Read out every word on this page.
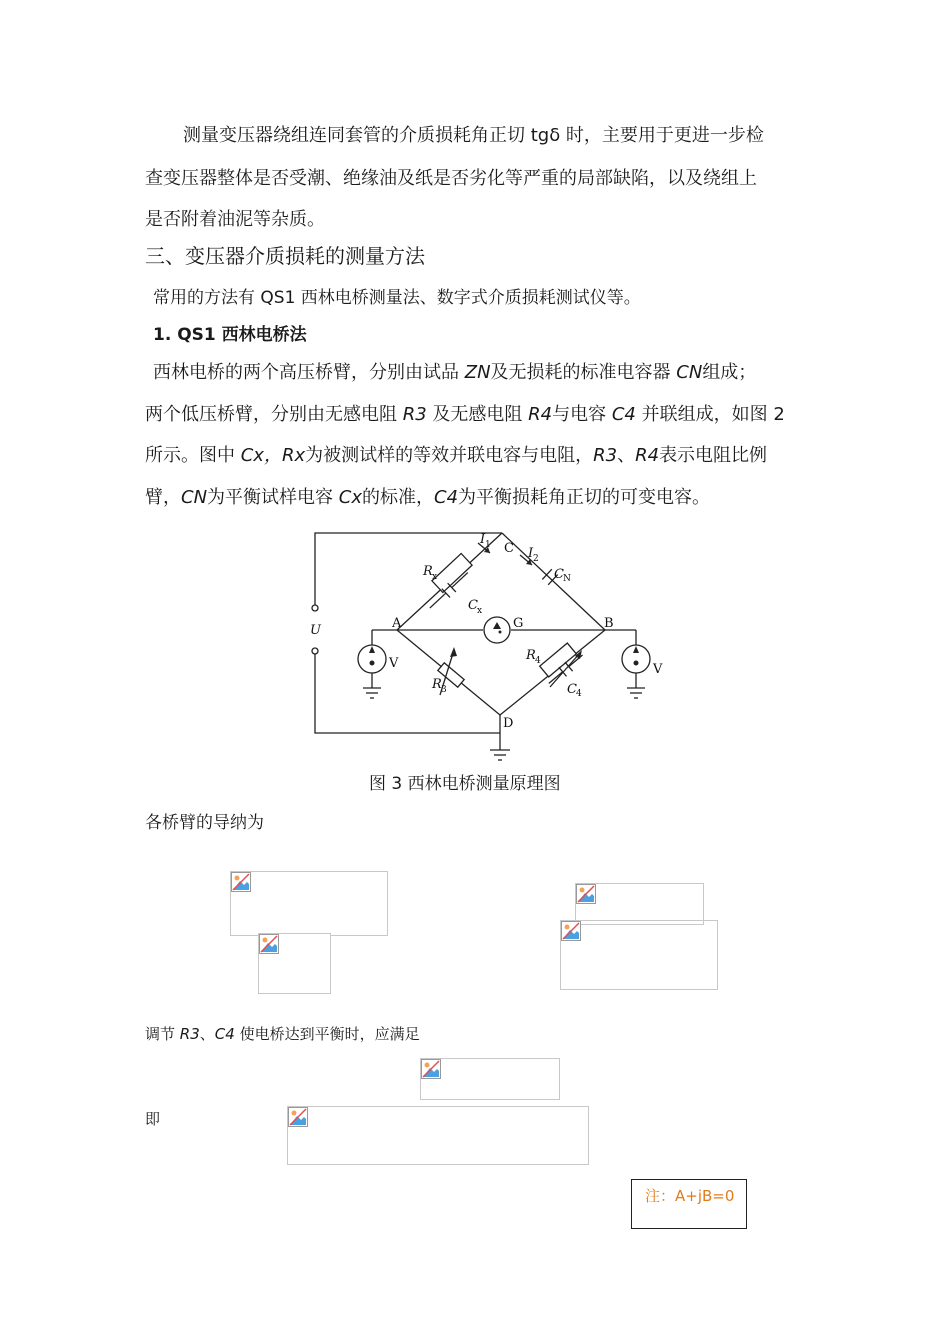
测量变压器绕组连同套管的介质损耗角正切 tgδ 时，主要用于更进一步检
查变压器整体是否受潮、绝缘油及纸是否劣化等严重的局部缺陷，以及绕组上
是否附着油泥等杂质。
三、变压器介质损耗的测量方法
常用的方法有 QS1 西林电桥测量法、数字式介质损耗测试仪等。
1. QS1 西林电桥法
西林电桥的两个高压桥臂，分别由试品 ZN及无损耗的标准电容器 CN组成；
两个低压桥臂，分别由无感电阻 R3 及无感电阻 R4与电容 C4 并联组成，如图 2
所示。图中 Cx，Rx为被测试样的等效并联电容与电阻，R3、R4表示电阻比例
臂，CN为平衡试样电容 Cx的标准，C4为平衡损耗角正切的可变电容。
I 1 C I 2
C N
R x
C x
A	B
G
D
R 3
R 4
C 4
U
V	V
图 3 西林电桥测量原理图
各桥臂的导纳为
调节 R3、C4 使电桥达到平衡时，应满足
即
注：A+jB=0
